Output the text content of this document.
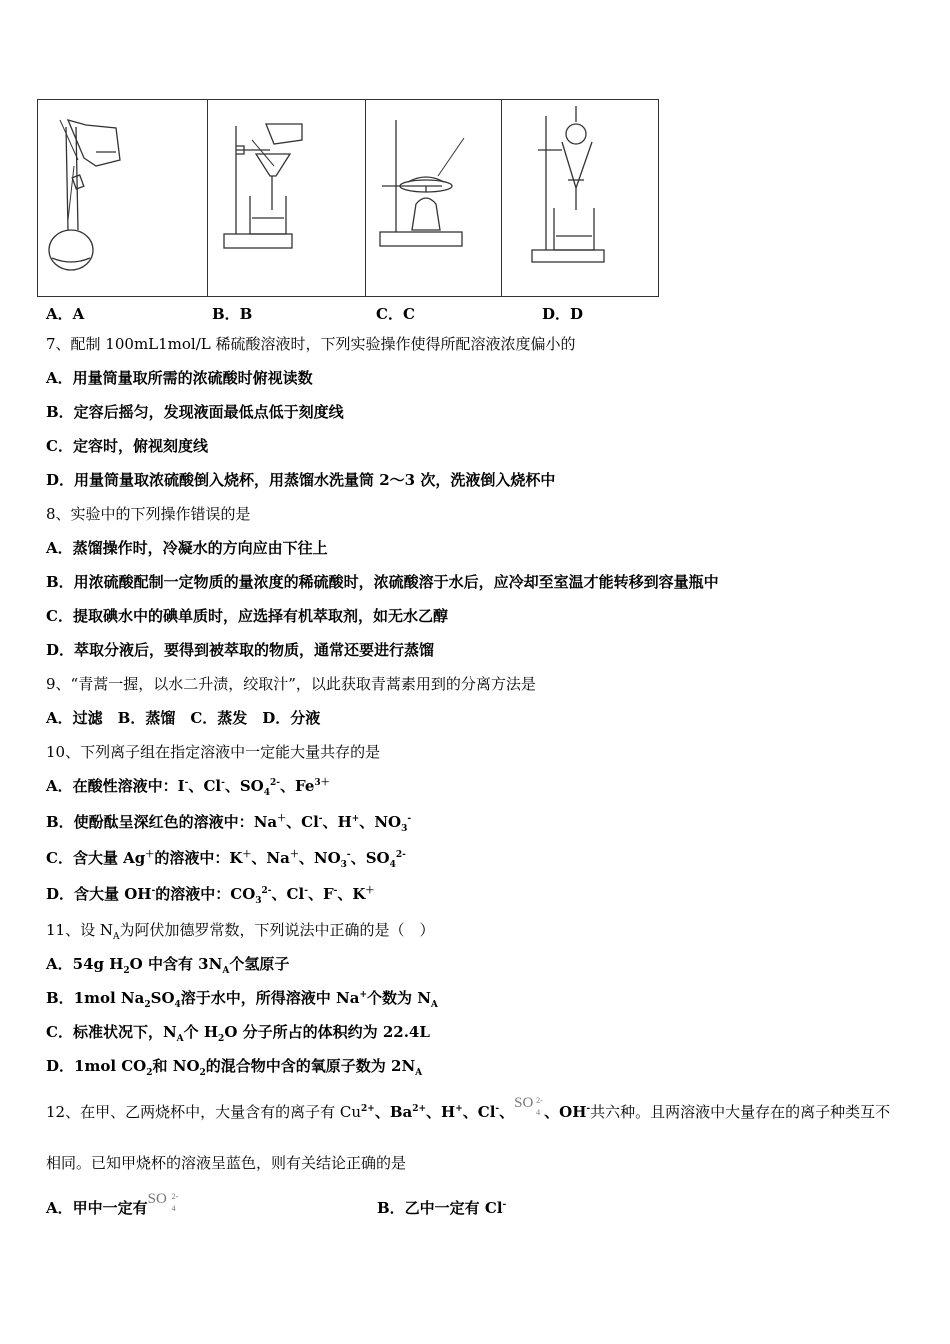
A．A	B．B	C．C	D．D
7、配制 100mL1mol/L 稀硫酸溶液时，下列实验操作使得所配溶液浓度偏小的
A．用量筒量取所需的浓硫酸时俯视读数
B．定容后摇匀，发现液面最低点低于刻度线
C．定容时，俯视刻度线
D．用量筒量取浓硫酸倒入烧杯，用蒸馏水洗量筒 2～3 次，洗液倒入烧杯中
8、实验中的下列操作错误的是
A．蒸馏操作时，冷凝水的方向应由下往上
B．用浓硫酸配制一定物质的量浓度的稀硫酸时，浓硫酸溶于水后，应冷却至室温才能转移到容量瓶中
C．提取碘水中的碘单质时，应选择有机萃取剂，如无水乙醇
D．萃取分液后，要得到被萃取的物质，通常还要进行蒸馏
9、“青蒿一握，以水二升渍，绞取汁”，以此获取青蒿素用到的分离方法是
A．过滤　B．蒸馏　C．蒸发　D．分液
10、下列离子组在指定溶液中一定能大量共存的是
A．在酸性溶液中：I-、Cl-、$SO_4^{2-}$、$Fe^{3+}$
B．使酚酞呈深红色的溶液中：Na＋、Cl-、H+、$NO_3^-$
C．含大量 Ag＋的溶液中：K＋、Na＋、$NO_3^-$、$SO_4^{2-}$
D．含大量 OH-的溶液中：$CO_3^{2-}$、Cl-、F-、K＋
11、设 $N_A$为阿伏加德罗常数，下列说法中正确的是（　）
A．54g $H_2O$ 中含有 $3N_A$个氢原子
B．1mol $Na_2SO_4$溶于水中，所得溶液中 Na+个数为 $N_A$
C．标准状况下，$N_A$个 $H_2O$ 分子所占的体积约为 22.4L
D．1mol $CO_2$和 $NO_2$的混合物中含的氧原子数为 $2N_A$
12、在甲、乙两烧杯中，大量含有的离子有 $Cu^{2+}$、$Ba^{2+}$、H+、Cl-、SO 2-
4 、OH-共六种。且两溶液中大量存在的离子种类互不
相同。已知甲烧杯的溶液呈蓝色，则有关结论正确的是
A．甲中一定有SO 2-
4	B．乙中一定有 Cl-
